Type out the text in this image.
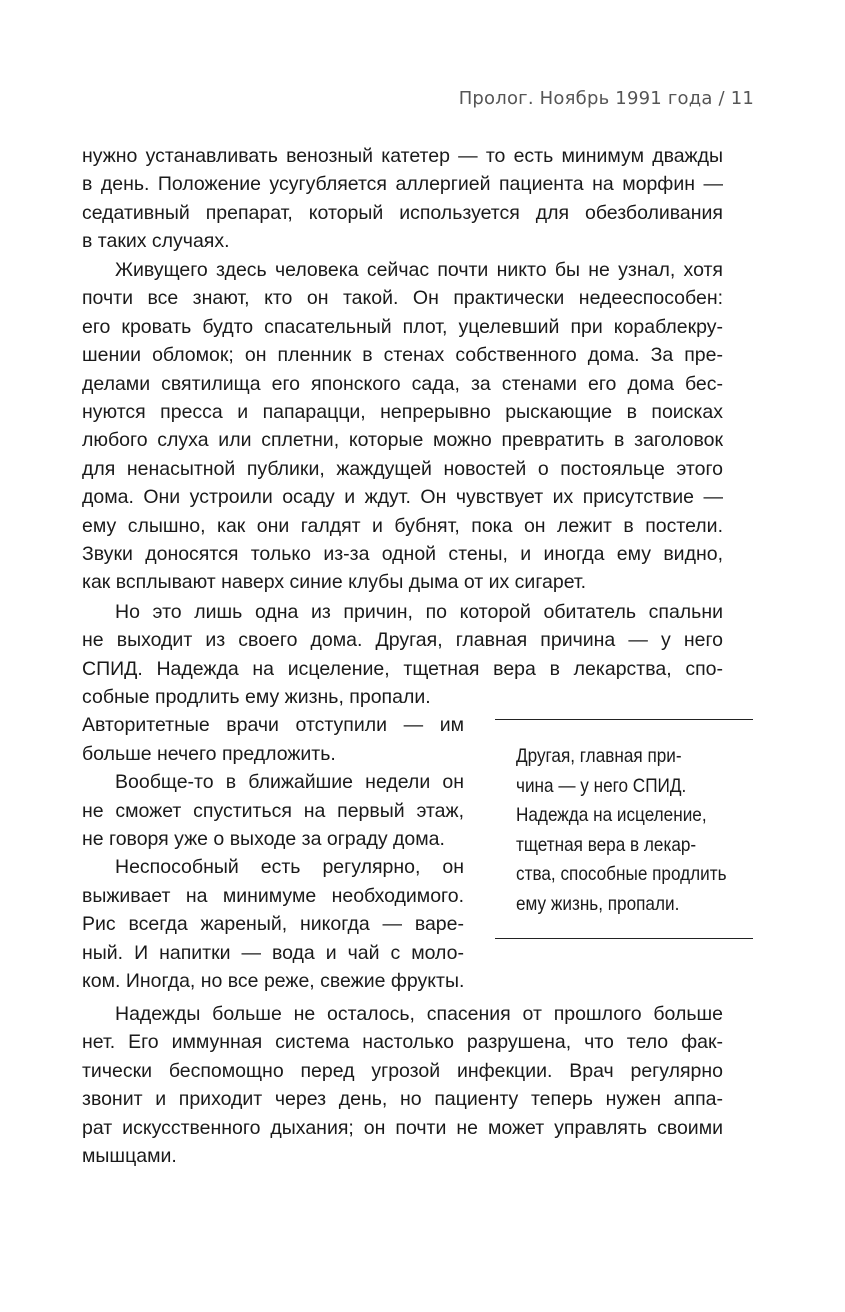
Пролог. Ноябрь 1991 года / 11
нужно устанавливать венозный катетер — то есть минимум дважды
в день. Положение усугубляется аллергией пациента на морфин —
седативный препарат, который используется для обезболивания
в таких случаях.
Живущего здесь человека сейчас почти никто бы не узнал, хотя
почти все знают, кто он такой. Он практически недееспособен:
его кровать будто спасательный плот, уцелевший при кораблекру-
шении обломок; он пленник в стенах собственного дома. За пре-
делами святилища его японского сада, за стенами его дома бес-
нуются пресса и папарацци, непрерывно рыскающие в поисках
любого слуха или сплетни, которые можно превратить в заголовок
для ненасытной публики, жаждущей новостей о постояльце этого
дома. Они устроили осаду и ждут. Он чувствует их присутствие —
ему слышно, как они галдят и бубнят, пока он лежит в постели.
Звуки доносятся только из-за одной стены, и иногда ему видно,
как всплывают наверх синие клубы дыма от их сигарет.
Но это лишь одна из причин, по которой обитатель спальни
не выходит из своего дома. Другая, главная причина — у него
СПИД. Надежда на исцеление, тщетная вера в лекарства, спо-
собные продлить ему жизнь, пропали.
Авторитетные врачи отступили — им
больше нечего предложить.
Вообще-то в ближайшие недели он
не сможет спуститься на первый этаж,
не говоря уже о выходе за ограду дома.
Неспособный есть регулярно, он
выживает на минимуме необходимого.
Рис всегда жареный, никогда — варе-
ный. И напитки — вода и чай с моло-
ком. Иногда, но все реже, свежие фрукты.
Надежды больше не осталось, спасения от прошлого больше
нет. Его иммунная система настолько разрушена, что тело фак-
тически беспомощно перед угрозой инфекции. Врач регулярно
звонит и приходит через день, но пациенту теперь нужен аппа-
рат искусственного дыхания; он почти не может управлять своими
мышцами.
Другая, главная при-
чина — у него СПИД.
Надежда на исцеление,
тщетная вера в лекар-
ства, способные продлить
ему жизнь, пропали.
